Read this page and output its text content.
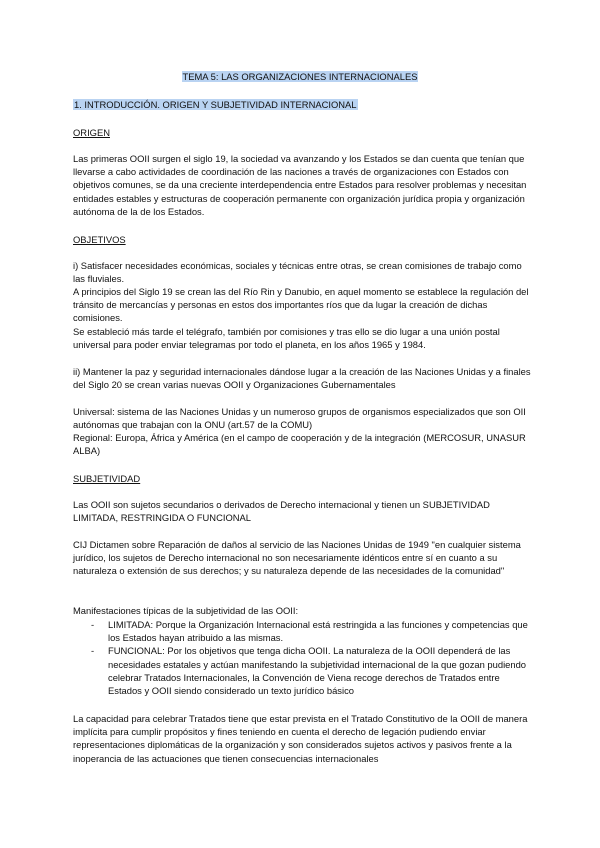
TEMA 5: LAS ORGANIZACIONES INTERNACIONALES
1. INTRODUCCIÓN. ORIGEN Y SUBJETIVIDAD INTERNACIONAL
ORIGEN

Las primeras OOII surgen el siglo 19, la sociedad va avanzando y los Estados se dan cuenta que tenían que llevarse a cabo actividades de coordinación de las naciones a través de organizaciones con Estados con objetivos comunes, se da una creciente interdependencia entre Estados para resolver problemas y necesitan entidades estables y estructuras de cooperación permanente con organización jurídica propia y organización autónoma de la de los Estados.

OBJETIVOS

i) Satisfacer necesidades económicas, sociales y técnicas entre otras, se crean comisiones de trabajo como las fluviales.

A principios del Siglo 19 se crean las del Río Rin y Danubio, en aquel momento se establece la regulación del tránsito de mercancías y personas en estos dos importantes ríos que da lugar la creación de dichas comisiones.

Se estableció más tarde el telégrafo, también por comisiones y tras ello se dio lugar a una unión postal universal para poder enviar telegramas por todo el planeta, en los años 1965 y 1984.

ii) Mantener la paz y seguridad internacionales dándose lugar a la creación de las Naciones Unidas y a finales del Siglo 20 se crean varias nuevas OOII y Organizaciones Gubernamentales

Universal: sistema de las Naciones Unidas y un numeroso grupos de organismos especializados que son OII autónomas que trabajan con la ONU (art.57 de la COMU)

Regional: Europa, África y América (en el campo de cooperación y de la integración (MERCOSUR, UNASUR ALBA)

SUBJETIVIDAD

Las OOII son sujetos secundarios o derivados de Derecho internacional y tienen un SUBJETIVIDAD LIMITADA, RESTRINGIDA O FUNCIONAL

CIJ Dictamen sobre Reparación de daños al servicio de las Naciones Unidas de 1949 "en cualquier sistema jurídico, los sujetos de Derecho internacional no son necesariamente idénticos entre sí en cuanto a su naturaleza o extensión de sus derechos; y su naturaleza depende de las necesidades de la comunidad"

Manifestaciones típicas de la subjetividad de las OOII:

- LIMITADA: Porque la Organización Internacional está restringida a las funciones y competencias que los Estados hayan atribuido a las mismas.
- FUNCIONAL: Por los objetivos que tenga dicha OOII. La naturaleza de la OOII dependerá de las necesidades estatales y actúan manifestando la subjetividad internacional de la que gozan pudiendo celebrar Tratados Internacionales, la Convención de Viena recoge derechos de Tratados entre Estados y OOII siendo considerado un texto jurídico básico

La capacidad para celebrar Tratados tiene que estar prevista en el Tratado Constitutivo de la OOII de manera implícita para cumplir propósitos y fines teniendo en cuenta el derecho de legación pudiendo enviar representaciones diplomáticas de la organización y son considerados sujetos activos y pasivos frente a la inoperancia de las actuaciones que tienen consecuencias internacionales
